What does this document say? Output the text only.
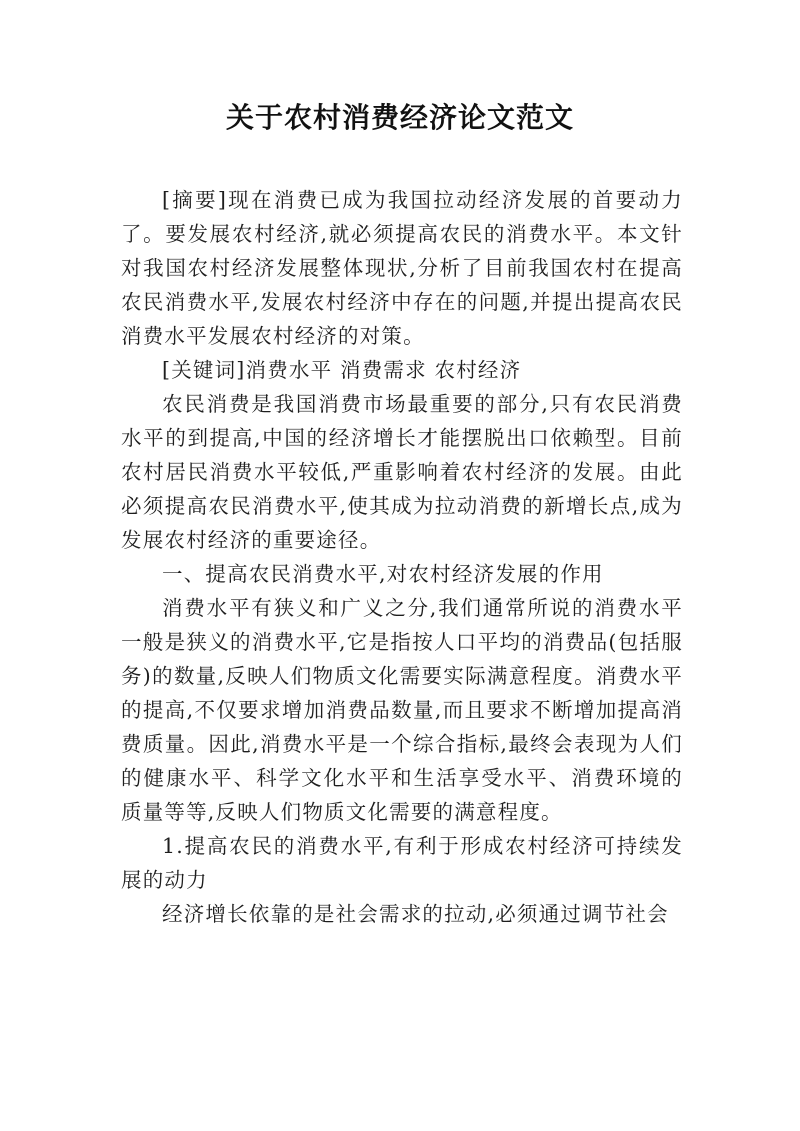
关于农村消费经济论文范文

[摘要]现在消费已成为我国拉动经济发展的首要动力了。要发展农村经济,就必须提高农民的消费水平。本文针对我国农村经济发展整体现状,分析了目前我国农村在提高农民消费水平,发展农村经济中存在的问题,并提出提高农民消费水平发展农村经济的对策。

[关键词]消费水平 消费需求 农村经济

农民消费是我国消费市场最重要的部分,只有农民消费水平的到提高,中国的经济增长才能摆脱出口依赖型。目前农村居民消费水平较低,严重影响着农村经济的发展。由此必须提高农民消费水平,使其成为拉动消费的新增长点,成为发展农村经济的重要途径。

一、提高农民消费水平,对农村经济发展的作用

消费水平有狭义和广义之分,我们通常所说的消费水平一般是狭义的消费水平,它是指按人口平均的消费品(包括服务)的数量,反映人们物质文化需要实际满意程度。消费水平的提高,不仅要求增加消费品数量,而且要求不断增加提高消费质量。因此,消费水平是一个综合指标,最终会表现为人们的健康水平、科学文化水平和生活享受水平、消费环境的质量等等,反映人们物质文化需要的满意程度。

1.提高农民的消费水平,有利于形成农村经济可持续发展的动力

经济增长依靠的是社会需求的拉动,必须通过调节社会
